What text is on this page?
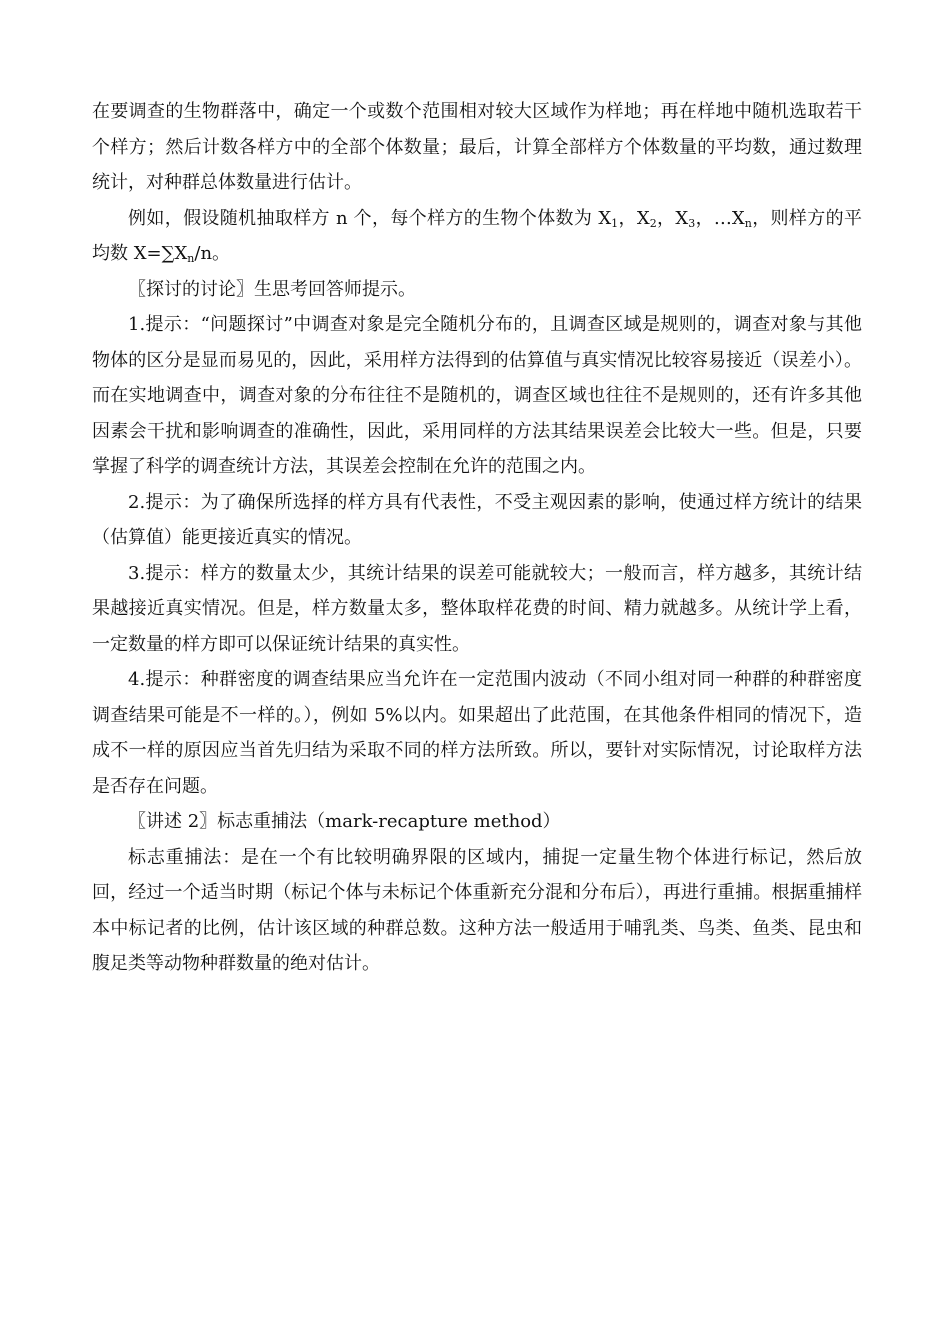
在要调查的生物群落中，确定一个或数个范围相对较大区域作为样地；再在样地中随机选取若干个样方；然后计数各样方中的全部个体数量；最后，计算全部样方个体数量的平均数，通过数理统计，对种群总体数量进行估计。

例如，假设随机抽取样方 n 个，每个样方的生物个体数为 $X_1$，$X_2$，$X_3$，$\dots X_n$，则样方的平均数 $X=\sum X_n/n$。

〖探讨的讨论〗生思考回答师提示。

1.提示：“问题探讨”中调查对象是完全随机分布的，且调查区域是规则的，调查对象与其他物体的区分是显而易见的，因此，采用样方法得到的估算值与真实情况比较容易接近（误差小）。而在实地调查中，调查对象的分布往往不是随机的，调查区域也往往不是规则的，还有许多其他因素会干扰和影响调查的准确性，因此，采用同样的方法其结果误差会比较大一些。但是，只要掌握了科学的调查统计方法，其误差会控制在允许的范围之内。

2.提示：为了确保所选择的样方具有代表性，不受主观因素的影响，使通过样方统计的结果（估算值）能更接近真实的情况。

3.提示：样方的数量太少，其统计结果的误差可能就较大；一般而言，样方越多，其统计结果越接近真实情况。但是，样方数量太多，整体取样花费的时间、精力就越多。从统计学上看，一定数量的样方即可以保证统计结果的真实性。

4.提示：种群密度的调查结果应当允许在一定范围内波动（不同小组对同一种群的种群密度调查结果可能是不一样的。），例如 5%以内。如果超出了此范围，在其他条件相同的情况下，造成不一样的原因应当首先归结为采取不同的样方法所致。所以，要针对实际情况，讨论取样方法是否存在问题。

〖讲述 2〗标志重捕法（mark-recapture method）

标志重捕法：是在一个有比较明确界限的区域内，捕捉一定量生物个体进行标记，然后放回，经过一个适当时期（标记个体与未标记个体重新充分混和分布后），再进行重捕。根据重捕样本中标记者的比例，估计该区域的种群总数。这种方法一般适用于哺乳类、鸟类、鱼类、昆虫和腹足类等动物种群数量的绝对估计。
